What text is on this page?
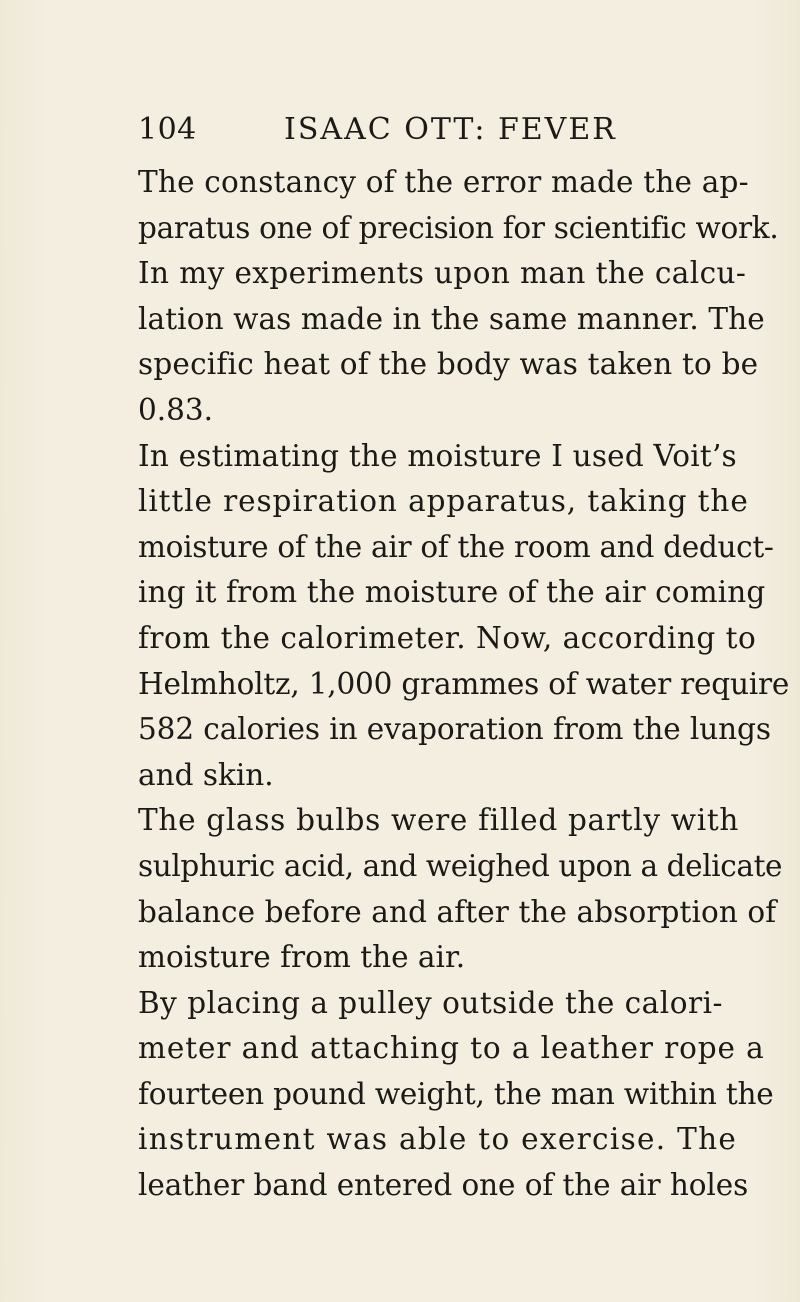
104	ISAAC OTT: FEVER
The constancy of the error made the ap-
paratus one of precision for scientific work.
In my experiments upon man the calcu-
lation was made in the same manner. The
specific heat of the body was taken to be
0.83.
In estimating the moisture I used Voit’s
little respiration apparatus, taking the
moisture of the air of the room and deduct-
ing it from the moisture of the air coming
from the calorimeter. Now, according to
Helmholtz, 1,000 grammes of water require
582 calories in evaporation from the lungs
and skin.
The glass bulbs were filled partly with
sulphuric acid, and weighed upon a delicate
balance before and after the absorption of
moisture from the air.
By placing a pulley outside the calori-
meter and attaching to a leather rope a
fourteen pound weight, the man within the
instrument was able to exercise. The
leather band entered one of the air holes
